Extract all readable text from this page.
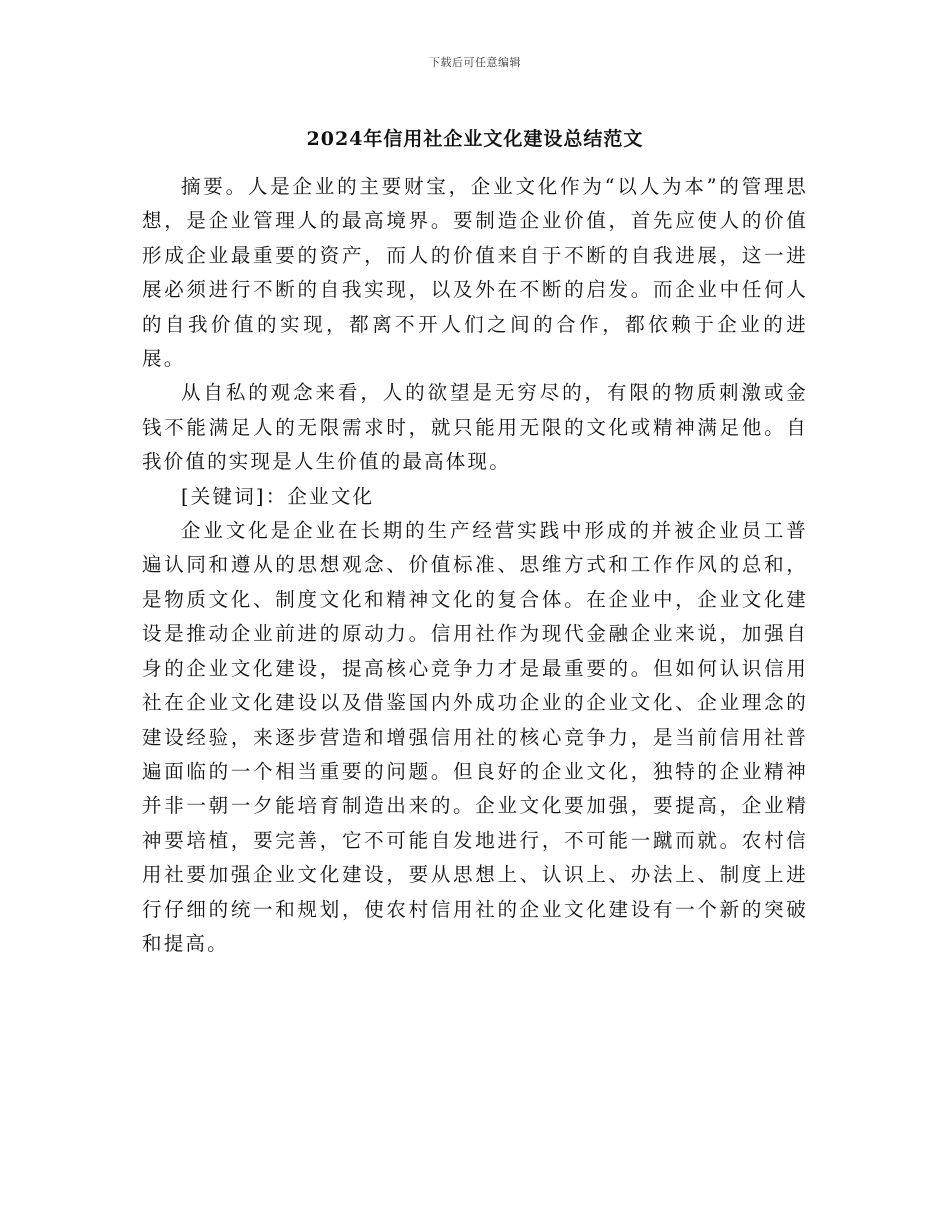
下载后可任意编辑
2024年信用社企业文化建设总结范文

摘要。人是企业的主要财宝，企业文化作为“以人为本”的管理思想，是企业管理人的最高境界。要制造企业价值，首先应使人的价值形成企业最重要的资产，而人的价值来自于不断的自我进展，这一进展必须进行不断的自我实现，以及外在不断的启发。而企业中任何人的自我价值的实现，都离不开人们之间的合作，都依赖于企业的进展。

从自私的观念来看，人的欲望是无穷尽的，有限的物质刺激或金钱不能满足人的无限需求时，就只能用无限的文化或精神满足他。自我价值的实现是人生价值的最高体现。

[关键词]：企业文化

企业文化是企业在长期的生产经营实践中形成的并被企业员工普遍认同和遵从的思想观念、价值标准、思维方式和工作作风的总和，是物质文化、制度文化和精神文化的复合体。在企业中，企业文化建设是推动企业前进的原动力。信用社作为现代金融企业来说，加强自身的企业文化建设，提高核心竞争力才是最重要的。但如何认识信用社在企业文化建设以及借鉴国内外成功企业的企业文化、企业理念的建设经验，来逐步营造和增强信用社的核心竞争力，是当前信用社普遍面临的一个相当重要的问题。但良好的企业文化，独特的企业精神并非一朝一夕能培育制造出来的。企业文化要加强，要提高，企业精神要培植，要完善，它不可能自发地进行，不可能一蹴而就。农村信用社要加强企业文化建设，要从思想上、认识上、办法上、制度上进行仔细的统一和规划，使农村信用社的企业文化建设有一个新的突破和提高。
